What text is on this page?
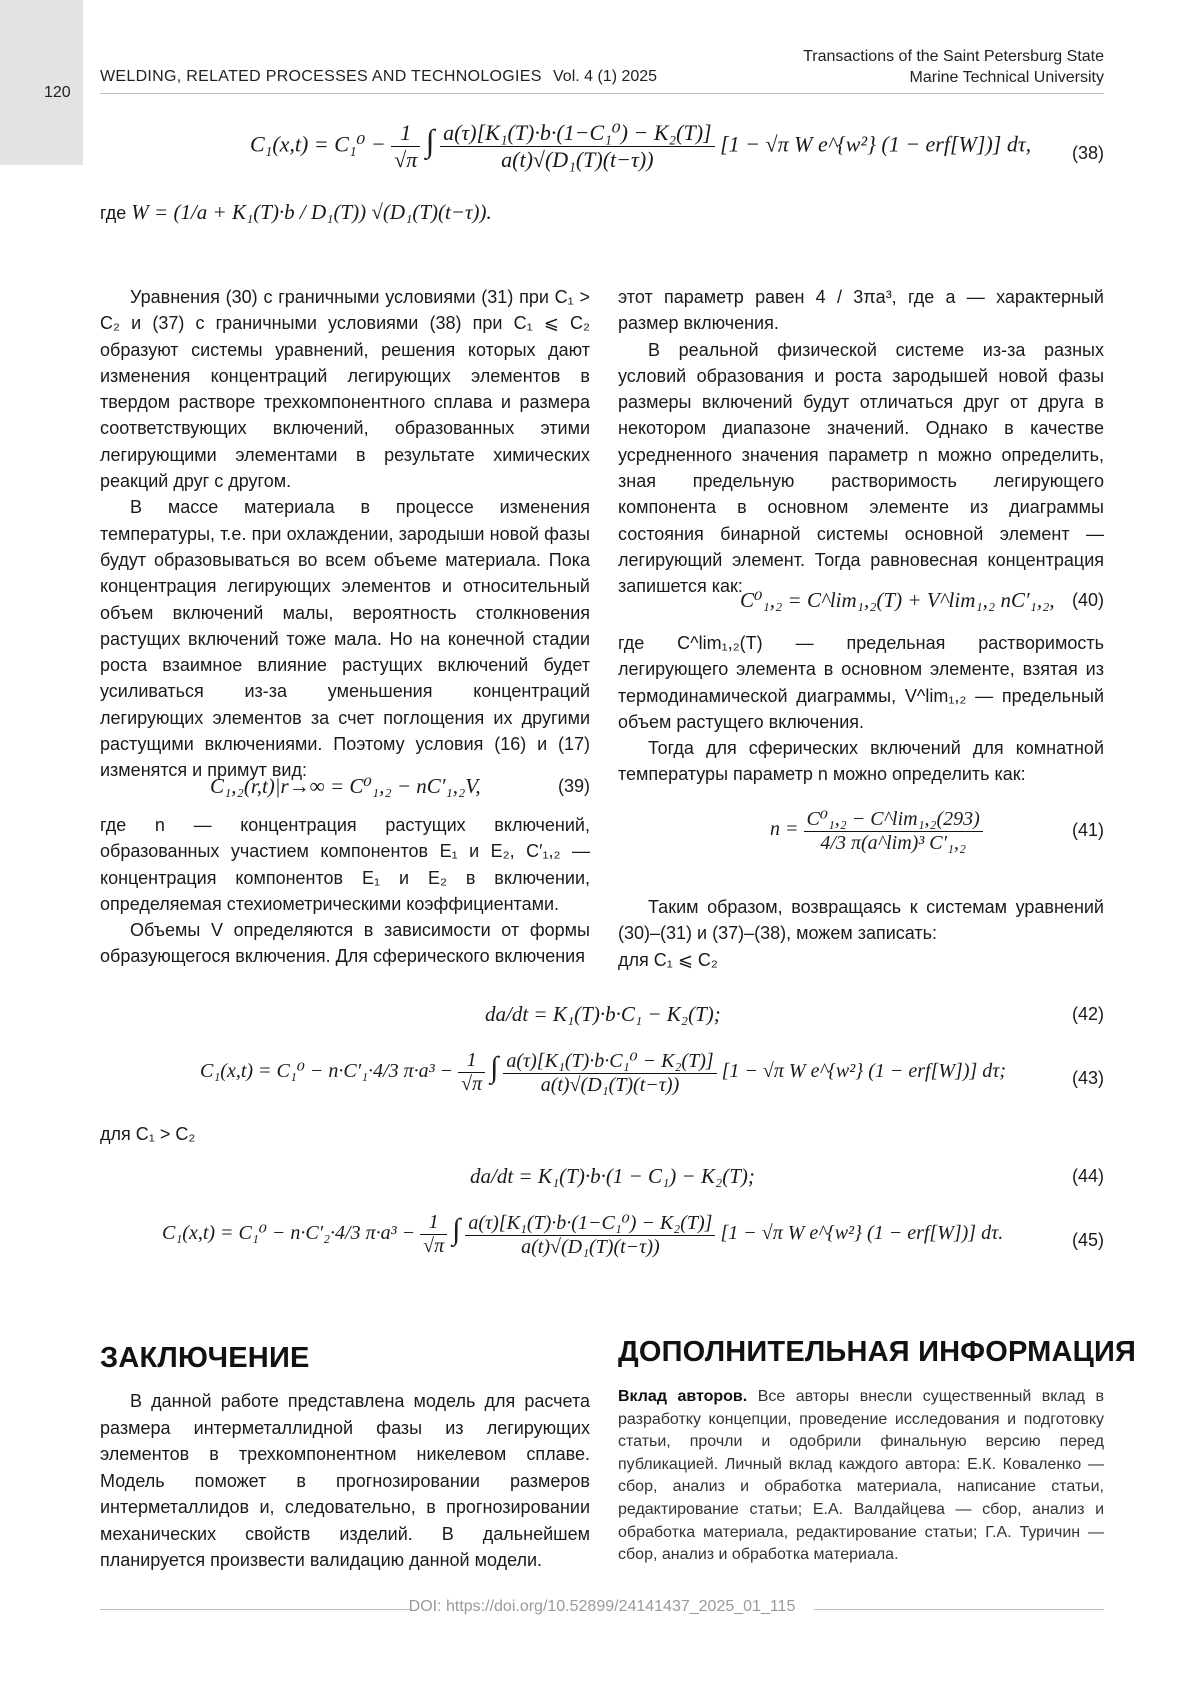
120
WELDING, RELATED PROCESSES AND TECHNOLOGIES Vol. 4 (1) 2025
Transactions of the Saint Petersburg State
Marine Technical University
C₁(x,t) = C₁⁰ − 1
√π
∫ a(τ)[K₁(T)·b·(1−C₁⁰) − K₂(T)]
a(t)√(D₁(T)(t−τ))
[1 − √π W e^{w²} (1 − erf[W])] dτ, (38)
где W = (1/a + K₁(T)·b / D₁(T)) √(D₁(T)(t−τ)).

Уравнения (30) с граничными условиями (31) при C₁ > C₂ и (37) с граничными условиями (38) при C₁ ⩽ C₂ образуют системы уравнений, решения которых дают изменения концентраций легирующих элементов в твердом растворе трехкомпонентного сплава и размера соответствующих включений, образованных этими легирующими элементами в результате химических реакций друг с другом.

В массе материала в процессе изменения температуры, т.е. при охлаждении, зародыши новой фазы будут образовываться во всем объеме материала. Пока концентрация легирующих элементов и относительный объем включений малы, вероятность столкновения растущих включений тоже мала. Но на конечной стадии роста взаимное влияние растущих включений будет усиливаться из-за уменьшения концентраций легирующих элементов за счет поглощения их другими растущими включениями. Поэтому условия (16) и (17) изменятся и примут вид:

C₁,₂(r,t)|r→∞ = C⁰₁,₂ − nC′₁,₂V,	(39)

где n — концентрация растущих включений, образованных участием компонентов E₁ и E₂, C′₁,₂ — концентрация компонентов E₁ и E₂ в включении, определяемая стехиометрическими коэффициентами.

Объемы V определяются в зависимости от формы образующегося включения. Для сферического включения

этот параметр равен 4 / 3πa³, где a — характерный размер включения.

В реальной физической системе из-за разных условий образования и роста зародышей новой фазы размеры включений будут отличаться друг от друга в некотором диапазоне значений. Однако в качестве усредненного значения параметр n можно определить, зная предельную растворимость легирующего компонента в основном элементе из диаграммы состояния бинарной системы основной элемент — легирующий элемент. Тогда равновесная концентрация запишется как:

C⁰₁,₂ = C^lim₁,₂(T) + V^lim₁,₂ nC′₁,₂, (40)

где C^lim₁,₂(T) — предельная растворимость легирующего элемента в основном элементе, взятая из термодинамической диаграммы, V^lim₁,₂ — предельный объем растущего включения.

Тогда для сферических включений для комнатной температуры параметр n можно определить как:

n = C⁰₁,₂ − C^lim₁,₂(293)
4/3 π(a^lim)³ C′₁,₂
(41)

Таким образом, возвращаясь к системам уравнений (30)–(31) и (37)–(38), можем записать:

для C₁ ⩽ C₂

da/dt = K₁(T)·b·C₁ − K₂(T);	(42)
C₁(x,t) = C₁⁰ − n·C′₁·4/3 π·a³ −
1
√π ∫ a(τ)[K₁(T)·b·C₁⁰ − K₂(T)]
a(t)√(D₁(T)(t−τ))
[1 − √π W e^{w²} (1 − erf[W])] dτ;	(43)
для C₁ > C₂
da/dt = K₁(T)·b·(1 − C₁) − K₂(T);	(44)
C₁(x,t) = C₁⁰ − n·C′₂·4/3 π·a³ −
1
√π ∫ a(τ)[K₁(T)·b·(1−C₁⁰) − K₂(T)]
a(t)√(D₁(T)(t−τ))
[1 − √π W e^{w²} (1 − erf[W])] dτ.	(45)
ЗАКЛЮЧЕНИЕ

В данной работе представлена модель для расчета размера интерметаллидной фазы из легирующих элементов в трехкомпонентном никелевом сплаве. Модель поможет в прогнозировании размеров интерметаллидов и, следовательно, в прогнозировании механических свойств изделий. В дальнейшем планируется произвести валидацию данной модели.

ДОПОЛНИТЕЛЬНАЯ ИНФОРМАЦИЯ
Вклад авторов. Все авторы внесли существенный вклад в разработку концепции, проведение исследования и подготовку статьи, прочли и одобрили финальную версию перед публикацией. Личный вклад каждого автора: Е.К. Коваленко — сбор, анализ и обработка материала, написание статьи, редактирование статьи; Е.А. Валдайцева — сбор, анализ и обработка материала, редактирование статьи; Г.А. Туричин — сбор, анализ и обработка материала.
DOI: https://doi.org/10.52899/24141437_2025_01_115
